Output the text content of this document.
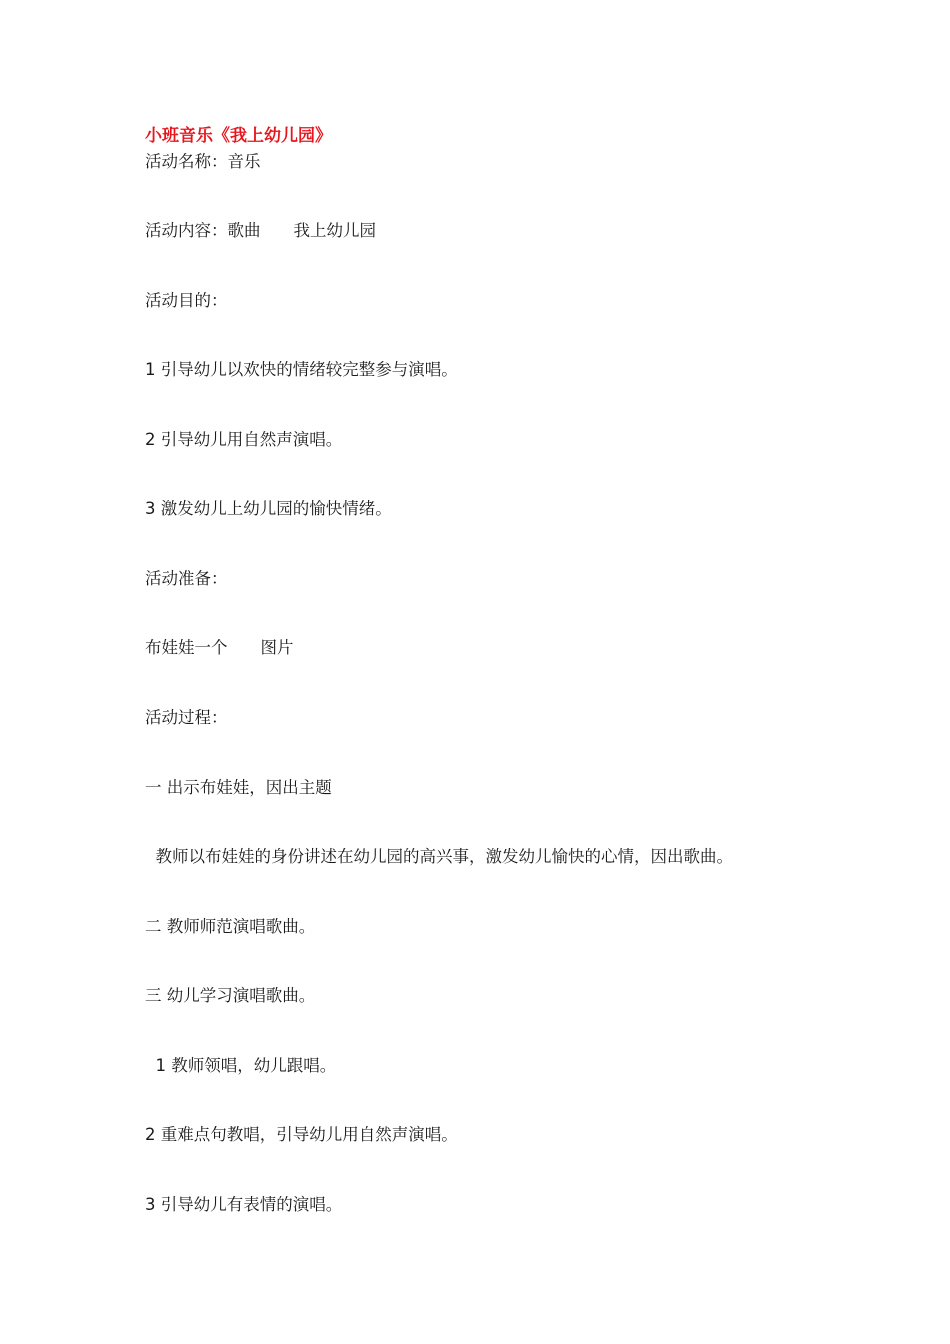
小班音乐《我上幼儿园》
活动名称：音乐
活动内容：歌曲　　我上幼儿园
活动目的：
1 引导幼儿以欢快的情绪较完整参与演唱。
2 引导幼儿用自然声演唱。
3 激发幼儿上幼儿园的愉快情绪。
活动准备：
布娃娃一个　　图片
活动过程：
一 出示布娃娃，因出主题
教师以布娃娃的身份讲述在幼儿园的高兴事，激发幼儿愉快的心情，因出歌曲。
二 教师师范演唱歌曲。
三 幼儿学习演唱歌曲。
1 教师领唱，幼儿跟唱。
2 重难点句教唱，引导幼儿用自然声演唱。
3 引导幼儿有表情的演唱。
